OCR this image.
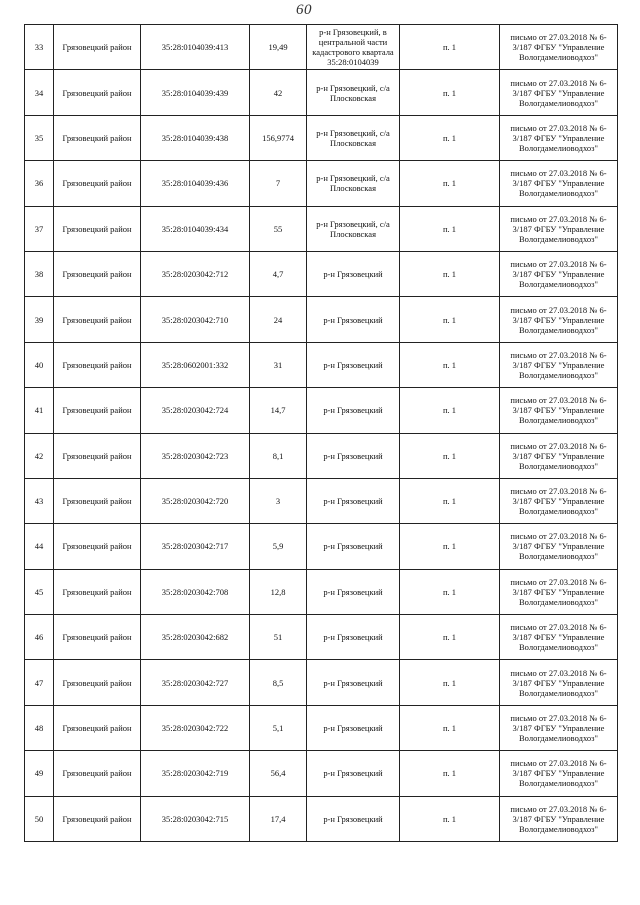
60
33	Грязовецкий район	35:28:0104039:413	19,49	р-н Грязовецкий, в центральной части кадастрового квартала 35:28:0104039	п. 1	письмо от 27.03.2018 № 6-3/187 ФГБУ "Управление Вологдамелиоводхоз"
34	Грязовецкий район	35:28:0104039:439	42	р-н Грязовецкий, с/а Плосковская	п. 1	письмо от 27.03.2018 № 6-3/187 ФГБУ "Управление Вологдамелиоводхоз"
35	Грязовецкий район	35:28:0104039:438	156,9774	р-н Грязовецкий, с/а Плосковская	п. 1	письмо от 27.03.2018 № 6-3/187 ФГБУ "Управление Вологдамелиоводхоз"
36	Грязовецкий район	35:28:0104039:436	7	р-н Грязовецкий, с/а Плосковская	п. 1	письмо от 27.03.2018 № 6-3/187 ФГБУ "Управление Вологдамелиоводхоз"
37	Грязовецкий район	35:28:0104039:434	55	р-н Грязовецкий, с/а Плосковская	п. 1	письмо от 27.03.2018 № 6-3/187 ФГБУ "Управление Вологдамелиоводхоз"
38	Грязовецкий район	35:28:0203042:712	4,7	р-н Грязовецкий	п. 1	письмо от 27.03.2018 № 6-3/187 ФГБУ "Управление Вологдамелиоводхоз"
39	Грязовецкий район	35:28:0203042:710	24	р-н Грязовецкий	п. 1	письмо от 27.03.2018 № 6-3/187 ФГБУ "Управление Вологдамелиоводхоз"
40	Грязовецкий район	35:28:0602001:332	31	р-н Грязовецкий	п. 1	письмо от 27.03.2018 № 6-3/187 ФГБУ "Управление Вологдамелиоводхоз"
41	Грязовецкий район	35:28:0203042:724	14,7	р-н Грязовецкий	п. 1	письмо от 27.03.2018 № 6-3/187 ФГБУ "Управление Вологдамелиоводхоз"
42	Грязовецкий район	35:28:0203042:723	8,1	р-н Грязовецкий	п. 1	письмо от 27.03.2018 № 6-3/187 ФГБУ "Управление Вологдамелиоводхоз"
43	Грязовецкий район	35:28:0203042:720	3	р-н Грязовецкий	п. 1	письмо от 27.03.2018 № 6-3/187 ФГБУ "Управление Вологдамелиоводхоз"
44	Грязовецкий район	35:28:0203042:717	5,9	р-н Грязовецкий	п. 1	письмо от 27.03.2018 № 6-3/187 ФГБУ "Управление Вологдамелиоводхоз"
45	Грязовецкий район	35:28:0203042:708	12,8	р-н Грязовецкий	п. 1	письмо от 27.03.2018 № 6-3/187 ФГБУ "Управление Вологдамелиоводхоз"
46	Грязовецкий район	35:28:0203042:682	51	р-н Грязовецкий	п. 1	письмо от 27.03.2018 № 6-3/187 ФГБУ "Управление Вологдамелиоводхоз"
47	Грязовецкий район	35:28:0203042:727	8,5	р-н Грязовецкий	п. 1	письмо от 27.03.2018 № 6-3/187 ФГБУ "Управление Вологдамелиоводхоз"
48	Грязовецкий район	35:28:0203042:722	5,1	р-н Грязовецкий	п. 1	письмо от 27.03.2018 № 6-3/187 ФГБУ "Управление Вологдамелиоводхоз"
49	Грязовецкий район	35:28:0203042:719	56,4	р-н Грязовецкий	п. 1	письмо от 27.03.2018 № 6-3/187 ФГБУ "Управление Вологдамелиоводхоз"
50	Грязовецкий район	35:28:0203042:715	17,4	р-н Грязовецкий	п. 1	письмо от 27.03.2018 № 6-3/187 ФГБУ "Управление Вологдамелиоводхоз"
